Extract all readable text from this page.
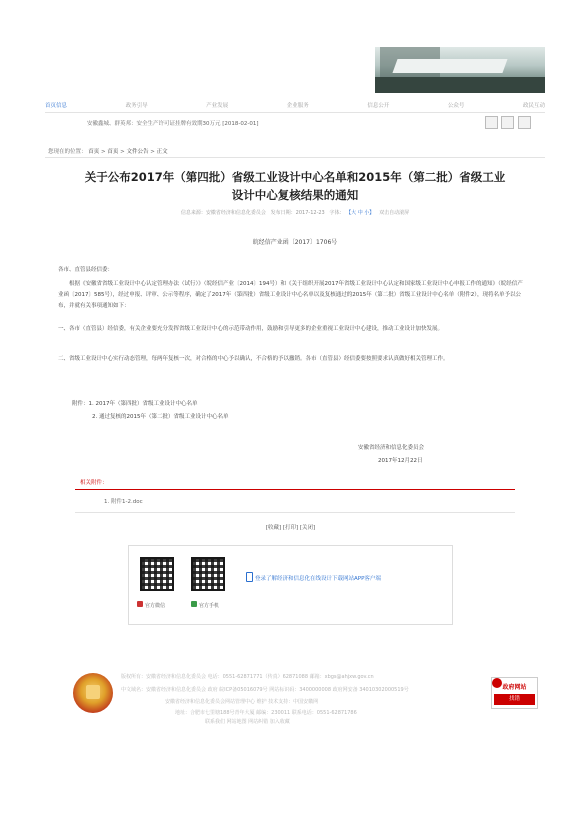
首页信息	政务引导	产业发展	企业服务	信息公开	公众号	政民互动
安徽鑫城、群英邦：安全生产许可证挂牌有效期30万元 [2018-02-01]
您现在的位置： 首页 > 首页 > 文件公告 > 正文
关于公布2017年（第四批）省级工业设计中心名单和2015年（第二批）省级工业
设计中心复核结果的通知
信息来源：安徽省经济和信息化委员会 发布日期：2017-12-23 字体： 【大 中 小】 双击自动滚屏
皖经信产业函〔2017〕1706号
各市、直管县经信委：
根据《安徽省省级工业设计中心认定管理办法（试行）》（皖经信产业〔2014〕194号）和《关于组织开展2017年省级工业设计中心认定和国家级工业设计中心申报工作的通知》（皖经信产业函〔2017〕585号），经过申报、评审、公示等程序，确定了2017年（第四批）省级工业设计中心名单以及复核通过的2015年（第二批）省级工业设计中心名单（附件2），现将名单予以公布，并就有关事项通知如下：
一、各市（直管县）经信委，有关企业要充分发挥省级工业设计中心的示范带动作用，鼓励和引导更多的企业重视工业设计中心建设，推动工业设计加快发展。
二、省级工业设计中心实行动态管理，每两年复核一次，对合格的中心予以确认，不合格的予以撤销。各市（直管县）经信委要按照要求认真做好相关管理工作。
附件：1. 2017年（第四批）省级工业设计中心名单
2. 通过复核的2015年（第二批）省级工业设计中心名单
安徽省经济和信息化委员会
2017年12月22日
相关附件：
1. 附件1-2.doc
[收藏] [打印] [关闭]
官方微信	官方手机
登录了解经济和信息化在线设计下载网站APP客户端
版权所有：安徽省经济和信息化委员会 电话：0551-62871771（传真）62871088 邮箱：xbgs@ahjxw.gov.cn
中文域名：安徽省经济和信息化委员会 政府 皖ICP备05016079号 网站标识码：3400000008 政府网安备 34010302000519号
安徽省经济和信息化委员会网站管理中心 维护 技术支持：中国安徽网
地址：合肥市七里塘188号青年大厦 邮编：230011 联系电话：0551-62871786
联系我们 网站地图 网站纠错 加入收藏
政府网站
找错
